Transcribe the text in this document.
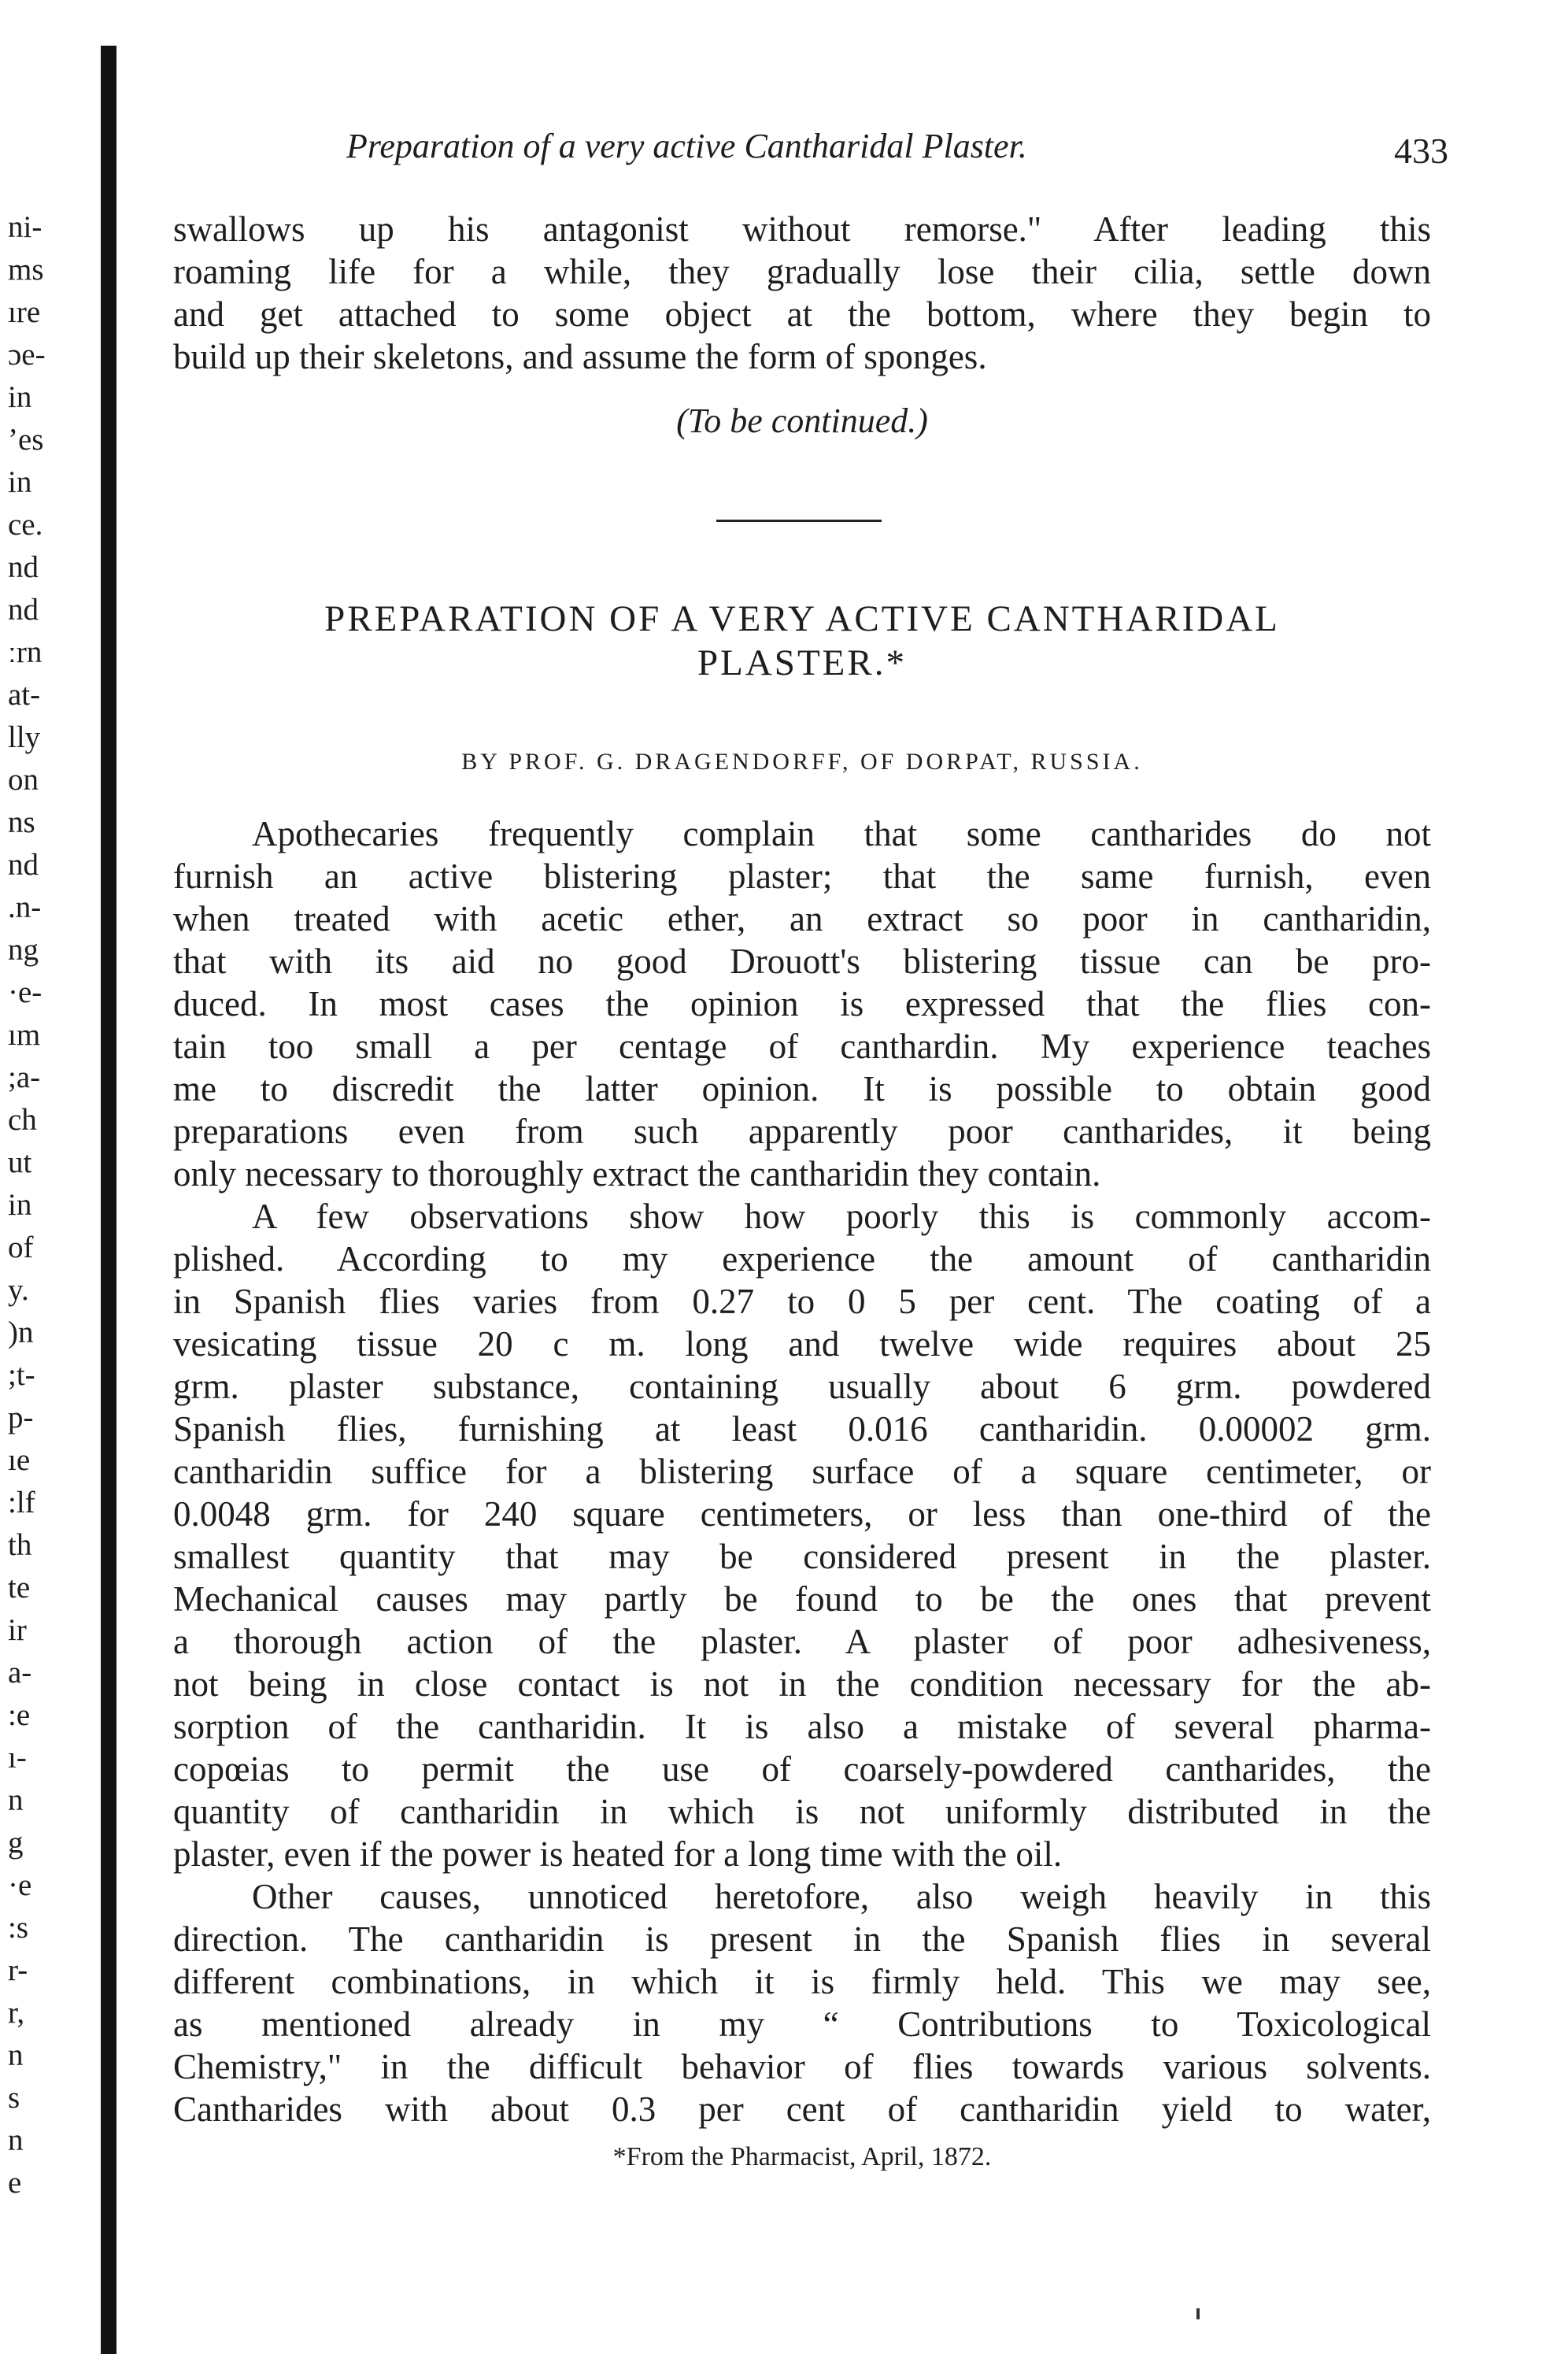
ni-
ms
ıre
ɔe-
in
ʼes
in
ce.
nd
nd
ːrn
at-
lly
on
ns
nd
.n-
ng
·e-
ım
;a-
ch
ut
in
of
y.
)n
;t-
p-
ıe
:lf
th
te
ir
a-
:e
ı-
n
g
·e
:s
r-
r,
n
s
n
e
Preparation of a very active Cantharidal Plaster.	433
swallows up his antagonist without remorse." After leading this
roaming life for a while, they gradually lose their cilia, settle down
and get attached to some object at the bottom, where they begin to
build up their skeletons, and assume the form of sponges.
(To be continued.)
PREPARATION OF A VERY ACTIVE CANTHARIDAL
PLASTER.*
BY PROF. G. DRAGENDORFF, OF DORPAT, RUSSIA.
Apothecaries frequently complain that some cantharides do not
furnish an active blistering plaster; that the same furnish, even
when treated with acetic ether, an extract so poor in cantharidin,
that with its aid no good Drouott's blistering tissue can be pro-
duced. In most cases the opinion is expressed that the flies con-
tain too small a per centage of canthardin. My experience teaches
me to discredit the latter opinion. It is possible to obtain good
preparations even from such apparently poor cantharides, it being
only necessary to thoroughly extract the cantharidin they contain.
A few observations show how poorly this is commonly accom-
plished. According to my experience the amount of cantharidin
in Spanish flies varies from 0.27 to 0 5 per cent. The coating of a
vesicating tissue 20 c m. long and twelve wide requires about 25
grm. plaster substance, containing usually about 6 grm. powdered
Spanish flies, furnishing at least 0.016 cantharidin. 0.00002 grm.
cantharidin suffice for a blistering surface of a square centimeter, or
0.0048 grm. for 240 square centimeters, or less than one-third of the
smallest quantity that may be considered present in the plaster.
Mechanical causes may partly be found to be the ones that prevent
a thorough action of the plaster. A plaster of poor adhesiveness,
not being in close contact is not in the condition necessary for the ab-
sorption of the cantharidin. It is also a mistake of several pharma-
copœias to permit the use of coarsely-powdered cantharides, the
quantity of cantharidin in which is not uniformly distributed in the
plaster, even if the power is heated for a long time with the oil.
Other causes, unnoticed heretofore, also weigh heavily in this
direction. The cantharidin is present in the Spanish flies in several
different combinations, in which it is firmly held. This we may see,
as mentioned already in my “ Contributions to Toxicological
Chemistry," in the difficult behavior of flies towards various solvents.
Cantharides with about 0.3 per cent of cantharidin yield to water,
*From the Pharmacist, April, 1872.
